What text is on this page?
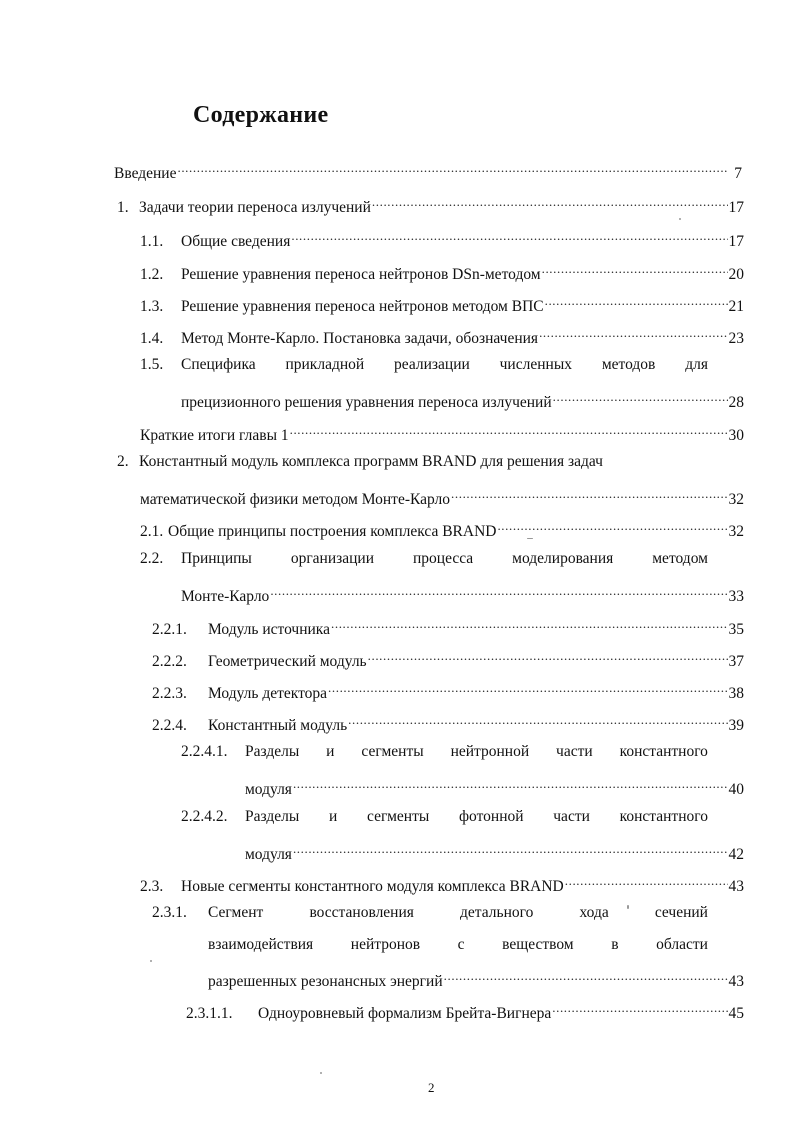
Содержание
Введение .....	7
1. Задачи теории переноса излучений .....	17
1.1.	Общие сведения .....	17
1.2.	Решение уравнения переноса нейтронов DSn-методом .....	20
1.3.	Решение уравнения переноса нейтронов методом ВПС .....	21
1.4.	Метод Монте-Карло. Постановка задачи, обозначения .....	23
1.5.	Специфика прикладной реализации численных методов для
прецизионного решения уравнения переноса излучений .....	28
Краткие итоги главы 1 .....	30
2. Константный модуль комплекса программ BRAND для решения задач
математической физики методом Монте-Карло .....	32
2.1. Общие принципы построения комплекса BRAND .....	32
2.2.	Принципы	организации	процесса	моделирования	методом
Монте-Карло .....	33
2.2.1.	Модуль источника .....	35
2.2.2.	Геометрический модуль .....	37
2.2.3.	Модуль детектора .....	38
2.2.4.	Константный модуль .....	39
2.2.4.1.	Разделы и сегменты нейтронной части константного
модуля .....	40
2.2.4.2.	Разделы и сегменты фотонной части константного
модуля .....	42
2.3.	Новые сегменты константного модуля комплекса BRAND .....	43
2.3.1.	Сегмент	восстановления	детального	хода	сечений
взаимодействия нейтронов с веществом в области
разрешенных резонансных энергий .....	43
2.3.1.1.	Одноуровневый формализм Брейта-Вигнера .....	45
2
